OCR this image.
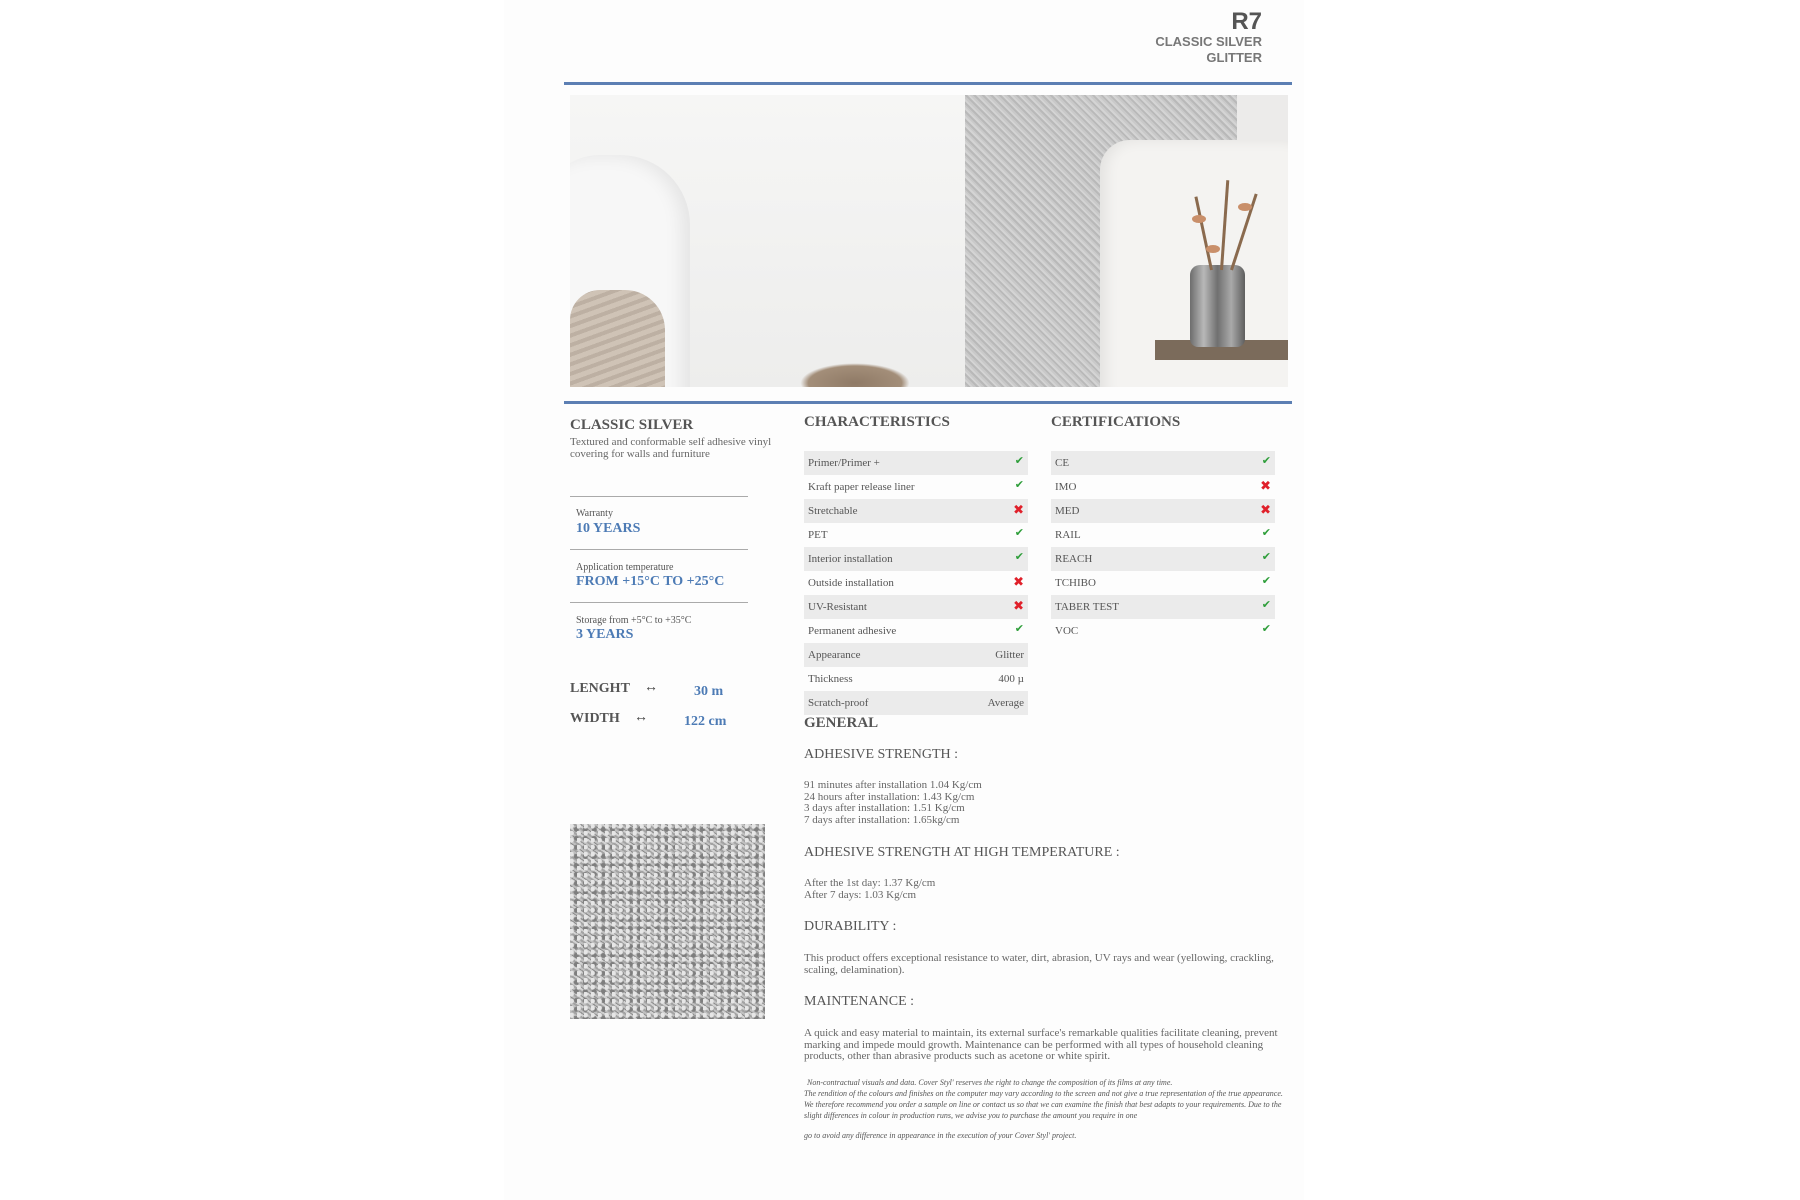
R7
CLASSIC SILVER GLITTER
CLASSIC SILVER
Textured and conformable self adhesive vinyl covering for walls and furniture
Warranty
10 YEARS
Application temperature
FROM +15°C TO +25°C
Storage from +5°C to +35°C
3 YEARS
LENGHT ↔	30 m
WIDTH ↔	122 cm
CHARACTERISTICS
Primer/Primer +	✔
Kraft paper release liner	✔
Stretchable	✖
PET	✔
Interior installation	✔
Outside installation	✖
UV-Resistant	✖
Permanent adhesive	✔
Appearance	Glitter
Thickness	400 µ
Scratch-proof	Average
CERTIFICATIONS
CE	✔
IMO	✖
MED	✖
RAIL	✔
REACH	✔
TCHIBO	✔
TABER TEST	✔
VOC	✔
GENERAL
ADHESIVE STRENGTH :
91 minutes after installation 1.04 Kg/cm
24 hours after installation: 1.43 Kg/cm
3 days after installation: 1.51 Kg/cm
7 days after installation: 1.65kg/cm
ADHESIVE STRENGTH AT HIGH TEMPERATURE :
After the 1st day: 1.37 Kg/cm
After 7 days: 1.03 Kg/cm
DURABILITY :
This product offers exceptional resistance to water, dirt, abrasion, UV rays and wear (yellowing, crackling, scaling, delamination).
MAINTENANCE :
A quick and easy material to maintain, its external surface's remarkable qualities facilitate cleaning, prevent marking and impede mould growth. Maintenance can be performed with all types of household cleaning products, other than abrasive products such as acetone or white spirit.
Non-contractual visuals and data. Cover Styl' reserves the right to change the composition of its films at any time.
The rendition of the colours and finishes on the computer may vary according to the screen and not give a true representation of the true appearance. We therefore recommend you order a sample on line or contact us so that we can examine the finish that best adapts to your requirements. Due to the slight differences in colour in production runs, we advise you to purchase the amount you require in one
go to avoid any difference in appearance in the execution of your Cover Styl' project.
